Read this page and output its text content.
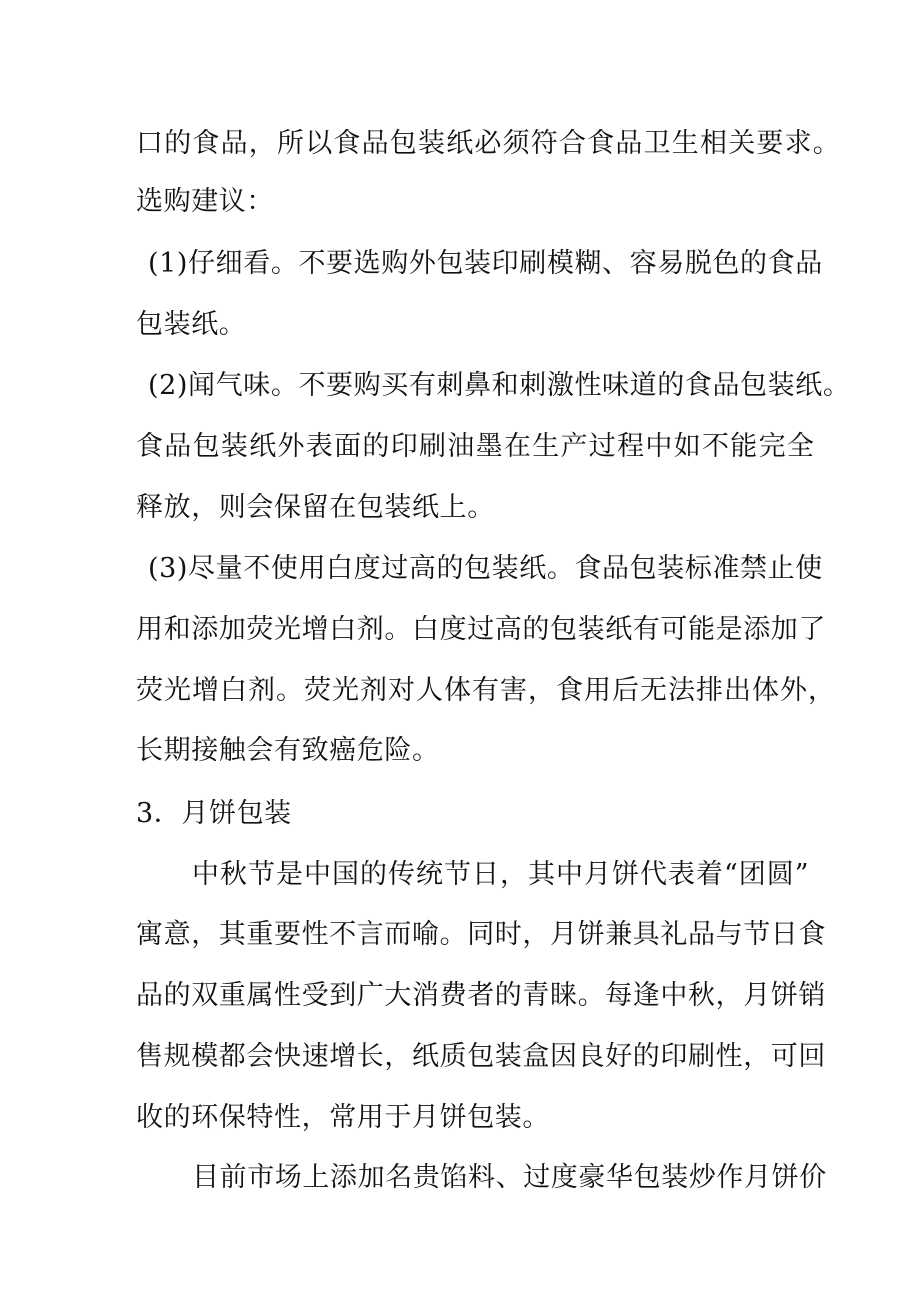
口的食品，所以食品包装纸必须符合食品卫生相关要求。
选购建议：
(1)仔细看。不要选购外包装印刷模糊、容易脱色的食品
包装纸。
(2)闻气味。不要购买有刺鼻和刺激性味道的食品包装纸。
食品包装纸外表面的印刷油墨在生产过程中如不能完全
释放，则会保留在包装纸上。
(3)尽量不使用白度过高的包装纸。食品包装标准禁止使
用和添加荧光增白剂。白度过高的包装纸有可能是添加了
荧光增白剂。荧光剂对人体有害，食用后无法排出体外，
长期接触会有致癌危险。
3．月饼包装
中秋节是中国的传统节日，其中月饼代表着“团圆”
寓意，其重要性不言而喻。同时，月饼兼具礼品与节日食
品的双重属性受到广大消费者的青睐。每逢中秋，月饼销
售规模都会快速增长，纸质包装盒因良好的印刷性，可回
收的环保特性，常用于月饼包装。
目前市场上添加名贵馅料、过度豪华包装炒作月饼价
